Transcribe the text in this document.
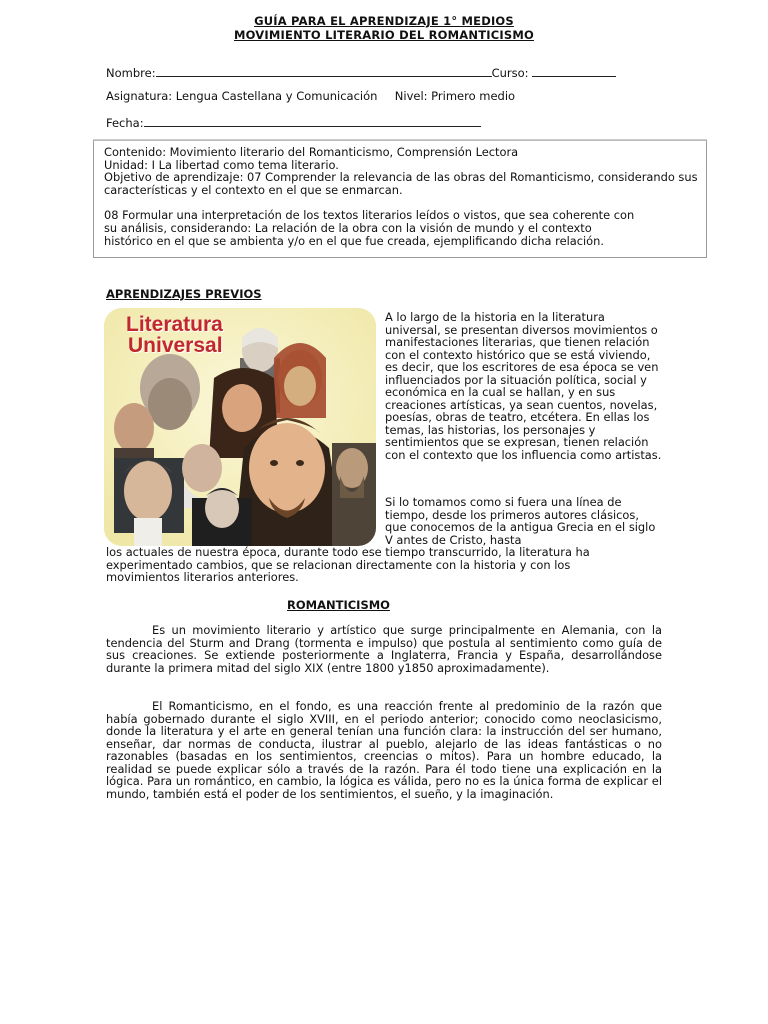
GUÍA PARA EL APRENDIZAJE 1° MEDIOS
MOVIMIENTO LITERARIO DEL ROMANTICISMO
Nombre:	Curso:
Asignatura: Lengua Castellana y Comunicación Nivel: Primero medio
Fecha:

Contenido: Movimiento literario del Romanticismo, Comprensión Lectora

Unidad: I La libertad como tema literario.

Objetivo de aprendizaje: 07 Comprender la relevancia de las obras del Romanticismo, considerando sus características y el contexto en el que se enmarcan.

08 Formular una interpretación de los textos literarios leídos o vistos, que sea coherente con

su análisis, considerando: La relación de la obra con la visión de mundo y el contexto

histórico en el que se ambienta y/o en el que fue creada, ejemplificando dicha relación.

APRENDIZAJES PREVIOS
Literatura
Universal
A lo largo de la historia en la literatura universal, se presentan diversos movimientos o manifestaciones literarias, que tienen relación con el contexto histórico que se está viviendo, es decir, que los escritores de esa época se ven influenciados por la situación política, social y económica en la cual se hallan, y en sus creaciones artísticas, ya sean cuentos, novelas, poesías, obras de teatro, etcétera. En ellas los temas, las historias, los personajes y sentimientos que se expresan, tienen relación con el contexto que los influencia como artistas.
Si lo tomamos como si fuera una línea de tiempo, desde los primeros autores clásicos, que conocemos de la antigua Grecia en el siglo V antes de Cristo, hasta
los actuales de nuestra época, durante todo ese tiempo transcurrido, la literatura ha experimentado cambios, que se relacionan directamente con la historia y con los movimientos literarios anteriores.
ROMANTICISMO
Es un movimiento literario y artístico que surge principalmente en Alemania, con la tendencia del Sturm and Drang (tormenta e impulso) que postula al sentimiento como guía de sus creaciones. Se extiende posteriormente a Inglaterra, Francia y España, desarrollándose durante la primera mitad del siglo XIX (entre 1800 y1850 aproximadamente).
El Romanticismo, en el fondo, es una reacción frente al predominio de la razón que había gobernado durante el siglo XVIII, en el periodo anterior; conocido como neoclasicismo, donde la literatura y el arte en general tenían una función clara: la instrucción del ser humano, enseñar, dar normas de conducta, ilustrar al pueblo, alejarlo de las ideas fantásticas o no razonables (basadas en los sentimientos, creencias o mitos). Para un hombre educado, la realidad se puede explicar sólo a través de la razón. Para él todo tiene una explicación en la lógica. Para un romántico, en cambio, la lógica es válida, pero no es la única forma de explicar el mundo, también está el poder de los sentimientos, el sueño, y la imaginación.
